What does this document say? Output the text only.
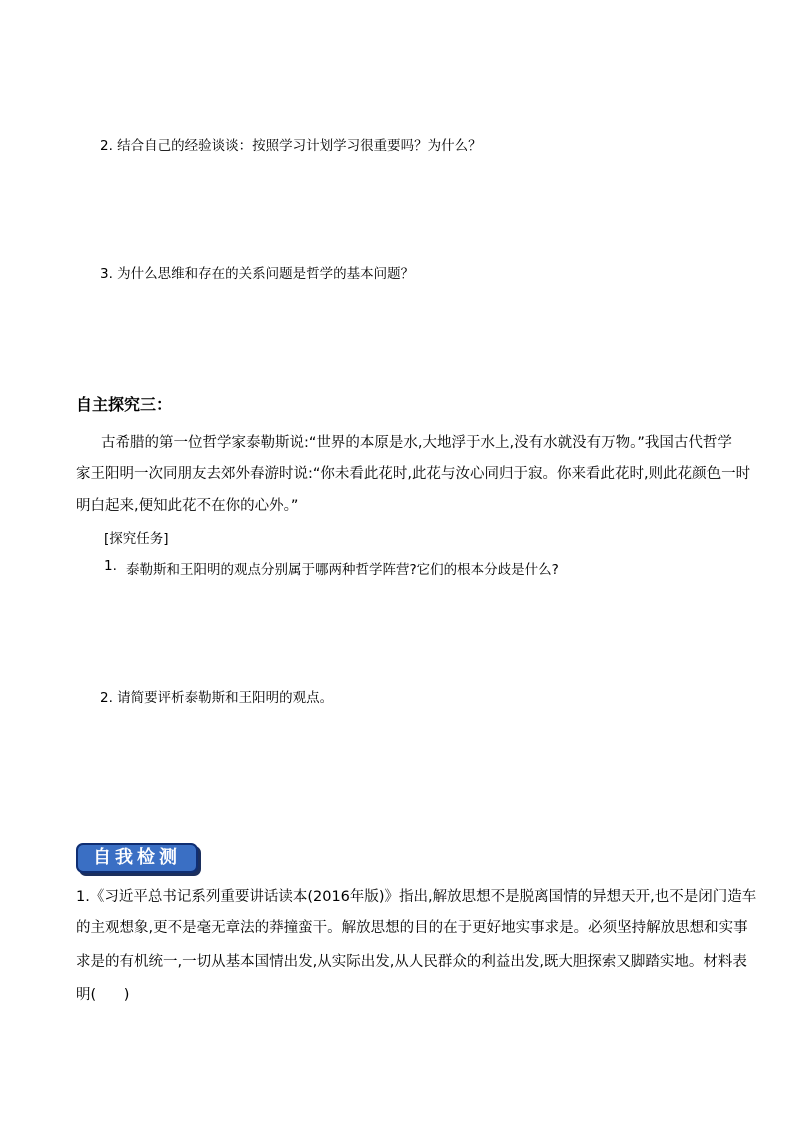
2. 结合自己的经验谈谈：按照学习计划学习很重要吗？为什么？
3. 为什么思维和存在的关系问题是哲学的基本问题？
自主探究三：
古希腊的第一位哲学家泰勒斯说:“世界的本原是水,大地浮于水上,没有水就没有万物。”我国古代哲学
家王阳明一次同朋友去郊外春游时说:“你未看此花时,此花与汝心同归于寂。你来看此花时,则此花颜色一时
明白起来,便知此花不在你的心外。”
[探究任务]
1. 泰勒斯和王阳明的观点分别属于哪两种哲学阵营?它们的根本分歧是什么?
2. 请简要评析泰勒斯和王阳明的观点。
自我检测
1.《习近平总书记系列重要讲话读本(2016年版)》指出,解放思想不是脱离国情的异想天开,也不是闭门造车
的主观想象,更不是毫无章法的莽撞蛮干。解放思想的目的在于更好地实事求是。必须坚持解放思想和实事
求是的有机统一,一切从基本国情出发,从实际出发,从人民群众的利益出发,既大胆探索又脚踏实地。材料表
明(      )
